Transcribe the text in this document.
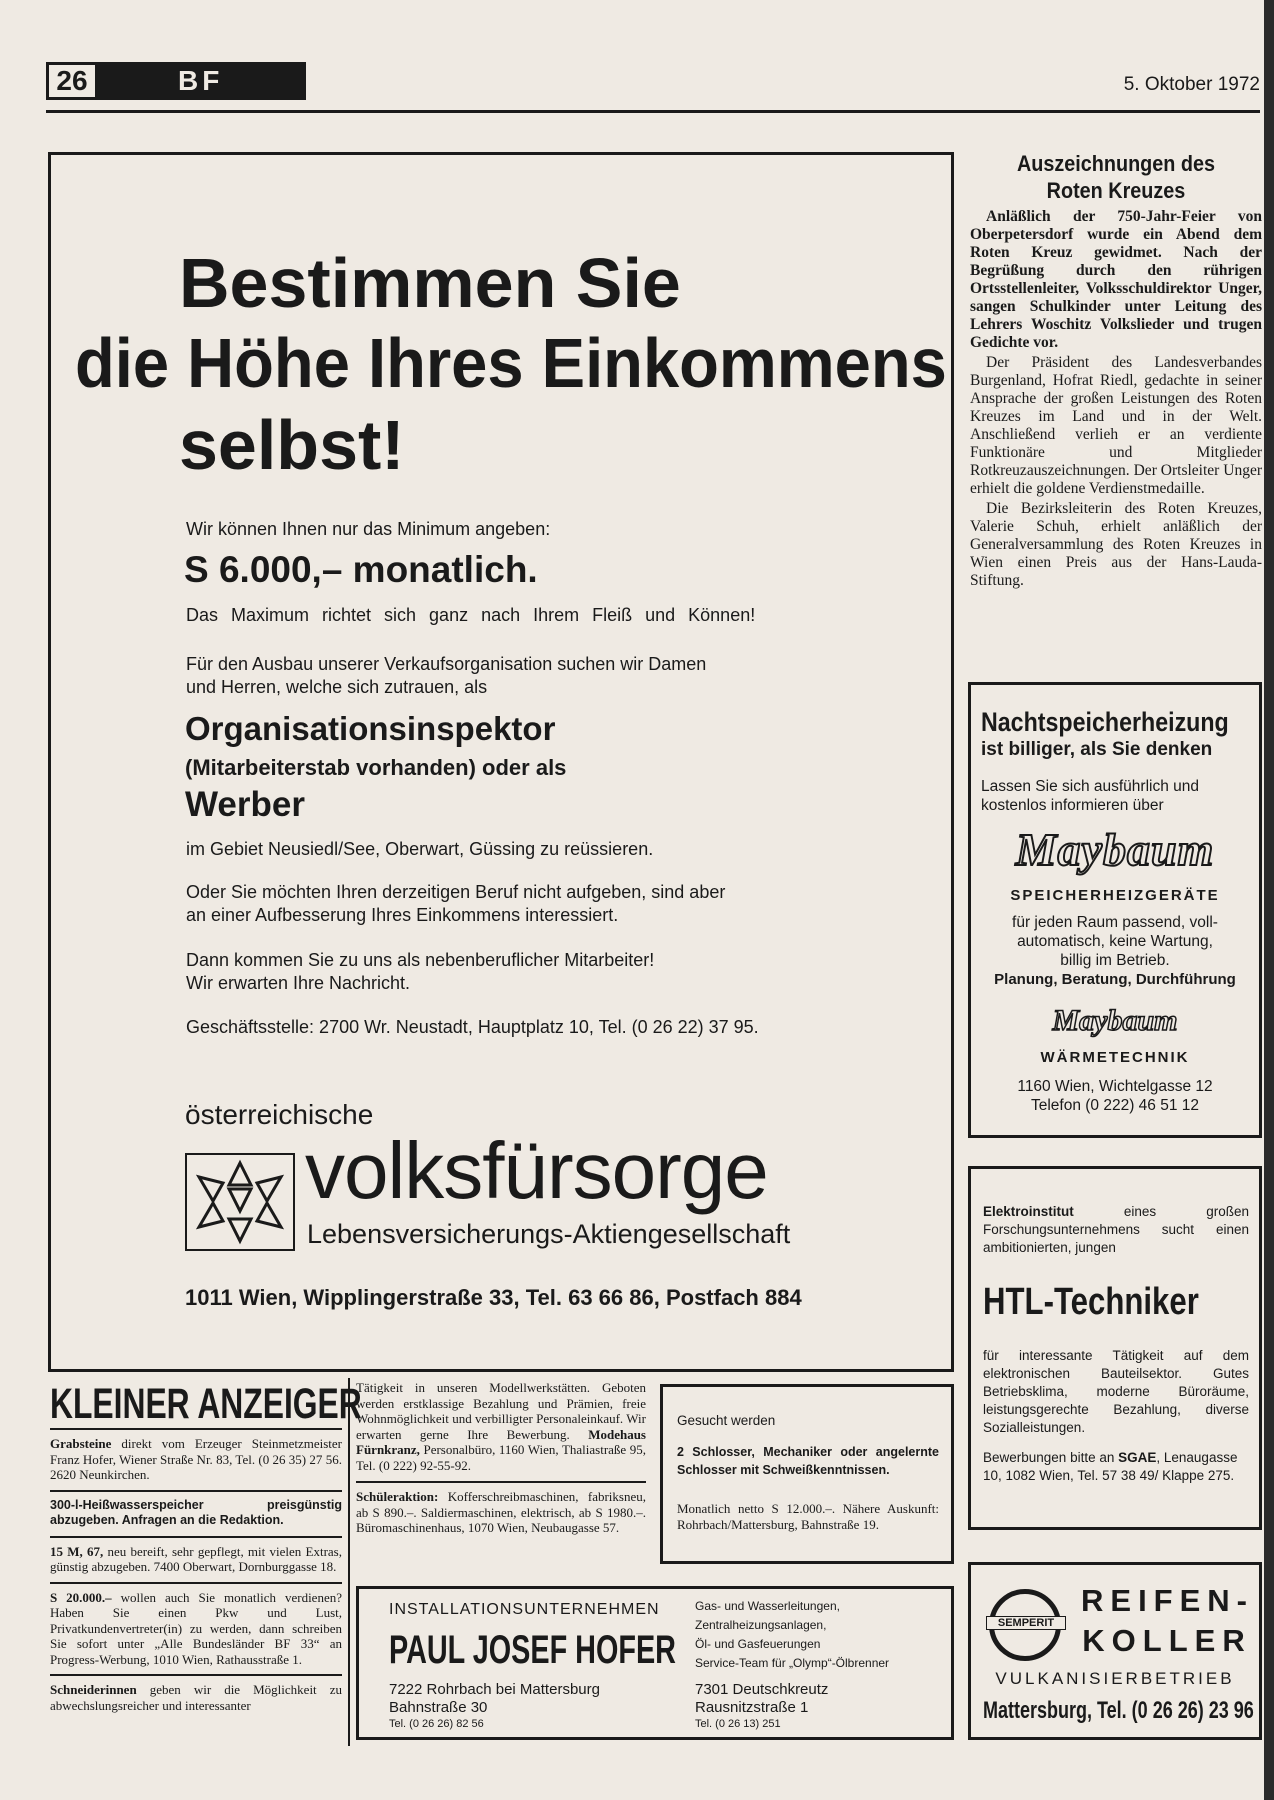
26	BF	5. Oktober 1972
Bestimmen Sie
die Höhe Ihres Einkommens
selbst!
Wir können Ihnen nur das Minimum angeben:
S 6.000,– monatlich.
Das Maximum richtet sich ganz nach Ihrem Fleiß und Können!

Für den Ausbau unserer Verkaufsorganisation suchen wir Damen

und Herren, welche sich zutrauen, als

Organisationsinspektor
(Mitarbeiterstab vorhanden) oder als
Werber
im Gebiet Neusiedl/See, Oberwart, Güssing zu reüssieren.

Oder Sie möchten Ihren derzeitigen Beruf nicht aufgeben, sind aber

an einer Aufbesserung Ihres Einkommens interessiert.

Dann kommen Sie zu uns als nebenberuflicher Mitarbeiter!

Wir erwarten Ihre Nachricht.

Geschäftsstelle: 2700 Wr. Neustadt, Hauptplatz 10, Tel. (0 26 22) 37 95.
österreichische
volksfürsorge
Lebensversicherungs-Aktiengesellschaft
1011 Wien, Wipplingerstraße 33, Tel. 63 66 86, Postfach 884

Auszeichnungen des

Roten Kreuzes

Anläßlich der 750-Jahr-Feier von Oberpetersdorf wurde ein Abend dem Roten Kreuz gewidmet. Nach der Begrüßung durch den rührigen Ortsstellenleiter, Volksschuldirektor Unger, sangen Schulkinder unter Leitung des Lehrers Woschitz Volkslieder und trugen Gedichte vor.

Der Präsident des Landesverbandes Burgenland, Hofrat Riedl, gedachte in seiner Ansprache der großen Leistungen des Roten Kreuzes im Land und in der Welt. Anschließend verlieh er an verdiente Funktionäre und Mitglieder Rotkreuzauszeichnungen. Der Ortsleiter Unger erhielt die goldene Verdienstmedaille.

Die Bezirksleiterin des Roten Kreuzes, Valerie Schuh, erhielt anläßlich der Generalversammlung des Roten Kreuzes in Wien einen Preis aus der Hans-Lauda-Stiftung.

Nachtspeicherheizung
ist billiger, als Sie denken

Lassen Sie sich ausführlich und

kostenlos informieren über

Maybaum
SPEICHERHEIZGERÄTE

für jeden Raum passend, voll-

automatisch, keine Wartung,

billig im Betrieb.

Planung, Beratung, Durchführung
Maybaum
WÄRMETECHNIK

1160 Wien, Wichtelgasse 12

Telefon (0 222) 46 51 12

Elektroinstitut	eines großen Forschungsunternehmens sucht einen ambitionierten, jungen

HTL-Techniker

für interessante Tätigkeit auf dem elektronischen Bauteilsektor. Gutes Betriebsklima, moderne Büroräume, leistungsgerechte Bezahlung, diverse Sozialleistungen.

Bewerbungen bitte an SGAE, Lenaugasse 10, 1082 Wien, Tel. 57 38 49/ Klappe 275.

SEMPERIT

REIFEN-

KOLLER

VULKANISIERBETRIEB
Mattersburg, Tel. (0 26 26) 23 96
KLEINER ANZEIGER

Grabsteine direkt vom Erzeuger Steinmetzmeister Franz Hofer, Wiener Straße Nr. 83, Tel. (0 26 35) 27 56. 2620 Neunkirchen.

300-l-Heißwasserspeicher preisgünstig abzugeben. Anfragen an die Redaktion.

15 M, 67, neu bereift, sehr gepflegt, mit vielen Extras, günstig abzugeben. 7400 Oberwart, Dornburggasse 18.

S 20.000.– wollen auch Sie monatlich verdienen? Haben Sie einen Pkw und Lust, Privatkundenvertreter(in) zu werden, dann schreiben Sie sofort unter „Alle Bundesländer BF 33“ an Progress-Werbung, 1010 Wien, Rathausstraße 1.

Schneiderinnen geben wir die Möglichkeit zu abwechslungsreicher und interessanter

Tätigkeit in unseren Modellwerkstätten. Geboten werden erstklassige Bezahlung und Prämien, freie Wohnmöglichkeit und verbilligter Personaleinkauf. Wir erwarten gerne Ihre Bewerbung. Modehaus Fürnkranz, Personalbüro, 1160 Wien, Thaliastraße 95, Tel. (0 222) 92-55-92.

Schüleraktion: Kofferschreibmaschinen, fabriksneu, ab S 890.–. Saldiermaschinen, elektrisch, ab S 1980.–. Büromaschinenhaus, 1070 Wien, Neubaugasse 57.

Gesucht werden

2 Schlosser, Mechaniker oder angelernte Schlosser mit Schweißkenntnissen.

Monatlich netto S 12.000.–. Nähere Auskunft: Rohrbach/Mattersburg, Bahnstraße 19.

INSTALLATIONSUNTERNEHMEN
PAUL JOSEF HOFER

7222 Rohrbach bei Mattersburg

Bahnstraße 30

Tel. (0 26 26) 82 56

Gas- und Wasserleitungen,

Zentralheizungsanlagen,

Öl- und Gasfeuerungen

Service-Team für „Olymp“-Ölbrenner

7301 Deutschkreutz

Rausnitzstraße 1

Tel. (0 26 13) 251
